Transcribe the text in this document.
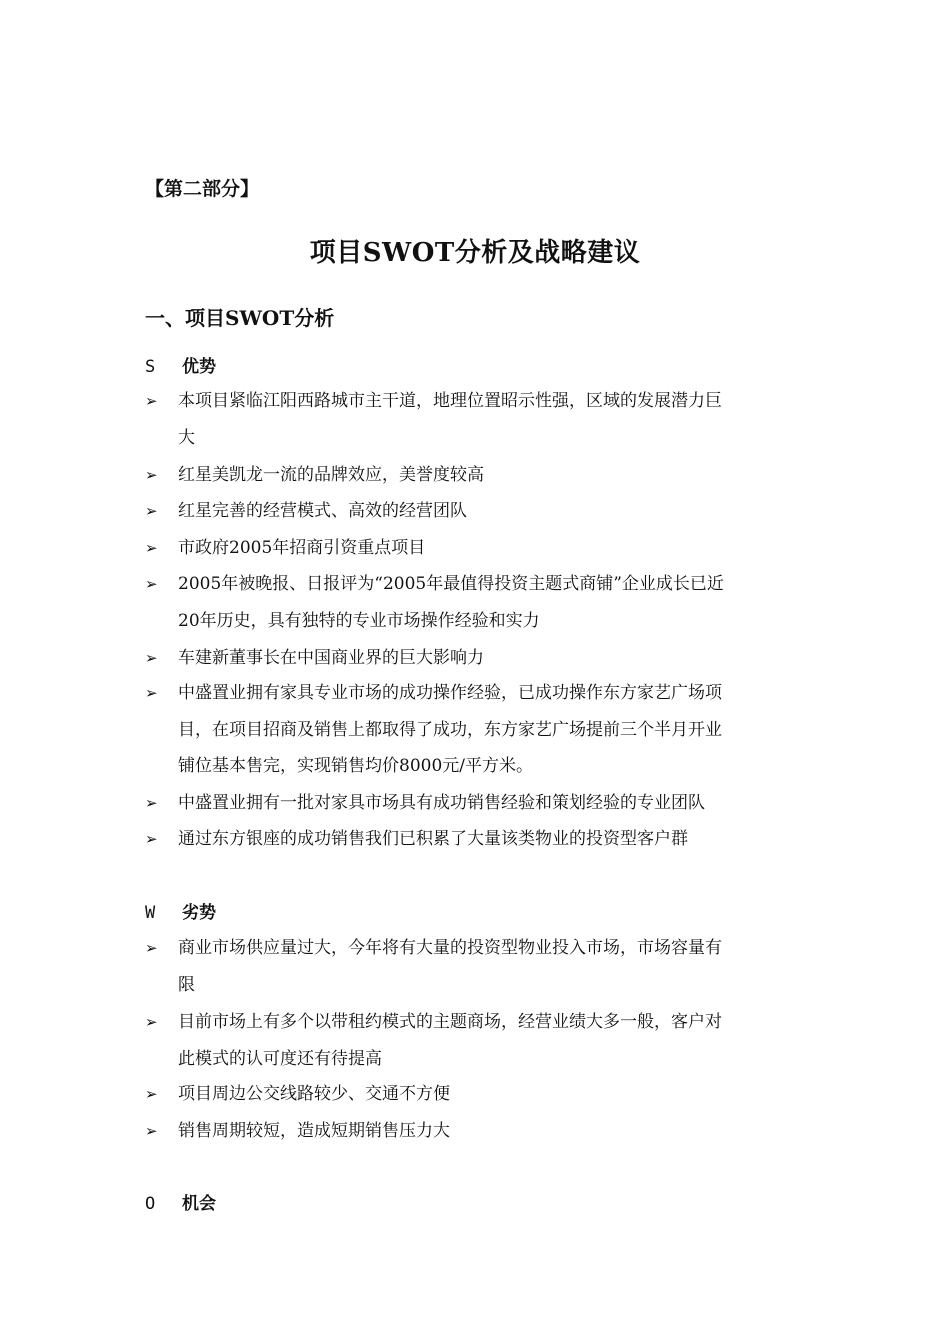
【第二部分】
项目SWOT分析及战略建议
一、项目SWOT分析
S	优势
➢	本项目紧临江阳西路城市主干道，地理位置昭示性强，区域的发展潜力巨
大
➢	红星美凯龙一流的品牌效应，美誉度较高
➢	红星完善的经营模式、高效的经营团队
➢	市政府2005年招商引资重点项目
➢	2005年被晚报、日报评为“2005年最值得投资主题式商铺”企业成长已近
20年历史，具有独特的专业市场操作经验和实力
➢	车建新董事长在中国商业界的巨大影响力
➢	中盛置业拥有家具专业市场的成功操作经验，已成功操作东方家艺广场项
目，在项目招商及销售上都取得了成功，东方家艺广场提前三个半月开业
铺位基本售完，实现销售均价8000元/平方米。
➢	中盛置业拥有一批对家具市场具有成功销售经验和策划经验的专业团队
➢	通过东方银座的成功销售我们已积累了大量该类物业的投资型客户群
W	劣势
➢	商业市场供应量过大，今年将有大量的投资型物业投入市场，市场容量有
限
➢	目前市场上有多个以带租约模式的主题商场，经营业绩大多一般，客户对
此模式的认可度还有待提高
➢	项目周边公交线路较少、交通不方便
➢	销售周期较短，造成短期销售压力大
O	机会
